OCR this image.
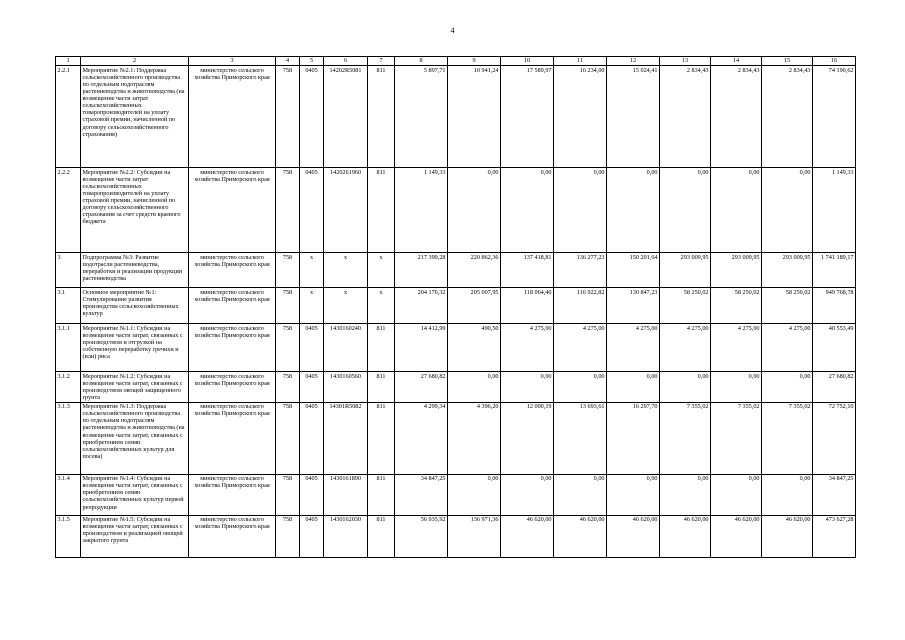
4
1	2	3	4	5	6	7	8	9	10	11	12	13	14	15	16
2.2.1	Мероприятие №2.1: Поддержка сельскохозяйственного производства по отдельным подотраслям растениеводства и животноводства (на возмещение части затрат сельскохозяйственных товаропроизводителей на уплату страховой премии, начисленной по договору сельскохозяйственного страхования)	министерство сельского хозяйства Приморского края	758	0405	14202R5081	811	5 897,71	10 941,24	17 589,97	16 234,00	15 024,41	2 834,43	2 834,43	2 834,43	74 190,62
2.2.2	Мероприятие №2.2: Субсидии на возмещение части затрат сельскохозяйственных товаропроизводителей на уплату страховой премии, начисленной по договору сельскохозяйственного страхования за счет средств краевого бюджета	министерство сельского хозяйства Приморского края	758	0405	1420261960	811	1 149,33	0,00	0,00	0,00	0,00	0,00	0,00	0,00	1 149,33
3	Подпрограмма №3: Развитие подотрасли растениеводства, переработки и реализации продукции растениеводства	министерство сельского хозяйства Приморского края	758	x	x	x	217 399,28	220 862,36	137 418,81	136 277,23	150 201,64	293 009,95	293 009,95	293 009,95	1 741 189,17
3.1	Основное мероприятие №1: Стимулирование развития производства сельскохозяйственных культур	министерство сельского хозяйства Приморского края	758	x	x	x	204 176,32	205 007,95	118 064,40	116 922,82	130 847,23	58 250,02	58 250,02	58 250,02	949 768,78
3.1.1	Мероприятие №1.1: Субсидии на возмещение части затрат, связанных с производством и отгрузкой на собственную переработку гречихи и (или) риса	министерство сельского хозяйства Приморского края	758	0405	1430160240	811	14 412,99	490,50	4 275,00	4 275,00	4 275,00	4 275,00	4 275,00	4 275,00	40 553,49
3.1.2	Мероприятие №1.2: Субсидии на возмещение части затрат, связанных с производством овощей защищенного грунта	министерство сельского хозяйства Приморского края	758	0405	1430160560	811	27 680,82	0,00	0,00	0,00	0,00	0,00	0,00	0,00	27 680,82
3.1.3	Мероприятие №1.3: Поддержка сельскохозяйственного производства по отдельным подотраслям растениеводства и животноводства (на возмещение части затрат, связанных с приобретением семян сельскохозяйственных культур для посева)	министерство сельского хозяйства Приморского края	758	0405	14301R5082	811	4 299,34	4 396,20	12 000,19	13 693,61	16 297,70	7 355,02	7 355,02	7 355,02	72 752,10
3.1.4	Мероприятие №1.4: Субсидии на возмещение части затрат, связанных с приобретением семян сельскохозяйственных культур первой репродукции	министерство сельского хозяйства Приморского края	758	0405	1430161890	811	34 847,25	0,00	0,00	0,00	0,00	0,00	0,00	0,00	34 847,25
3.1.5	Мероприятие №1.5: Субсидии на возмещение части затрат, связанных с производством и реализацией овощей закрытого грунта	министерство сельского хозяйства Приморского края	758	0405	1430162030	811	56 935,92	136 971,36	46 620,00	46 620,00	46 620,00	46 620,00	46 620,00	46 620,00	473 627,28
